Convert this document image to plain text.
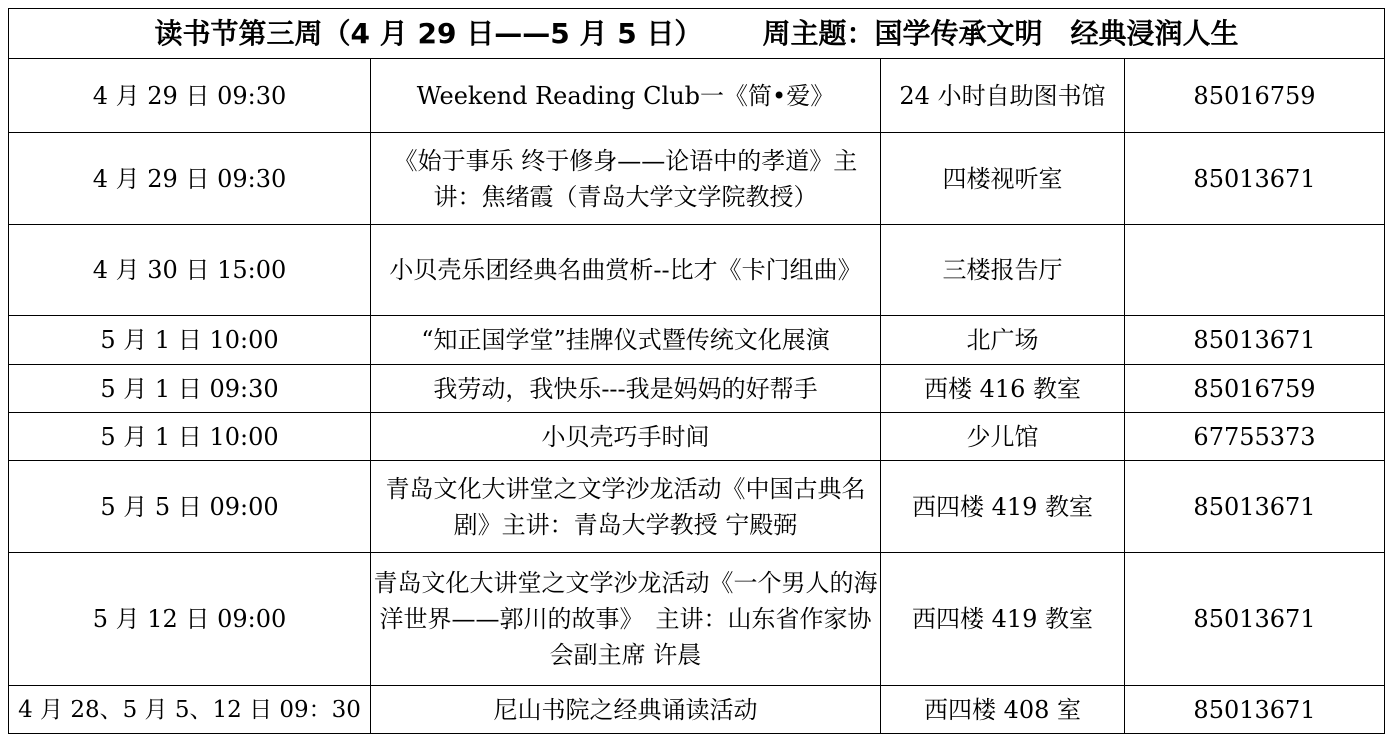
读书节第三周（4 月 29 日——5 月 5 日） 周主题：国学传承文明　经典浸润人生			
4 月 29 日 09:30	Weekend Reading Club一《简•爱》	24 小时自助图书馆	85016759
4 月 29 日 09:30	《始于事乐 终于修身——论语中的孝道》主讲：焦绪霞（青岛大学文学院教授）	四楼视听室	85013671
4 月 30 日 15:00	小贝壳乐团经典名曲赏析--比才《卡门组曲》	三楼报告厅	
5 月 1 日 10:00	“知正国学堂”挂牌仪式暨传统文化展演	北广场	85013671
5 月 1 日 09:30	我劳动，我快乐---我是妈妈的好帮手	西楼 416 教室	85016759
5 月 1 日 10:00	小贝壳巧手时间	少儿馆	67755373
5 月 5 日 09:00	青岛文化大讲堂之文学沙龙活动《中国古典名剧》主讲：青岛大学教授 宁殿弼	西四楼 419 教室	85013671
5 月 12 日 09:00	青岛文化大讲堂之文学沙龙活动《一个男人的海洋世界——郭川的故事》　主讲：山东省作家协会副主席 许晨	西四楼 419 教室	85013671
4 月 28、5 月 5、12 日 09：30	尼山书院之经典诵读活动	西四楼 408 室	85013671
